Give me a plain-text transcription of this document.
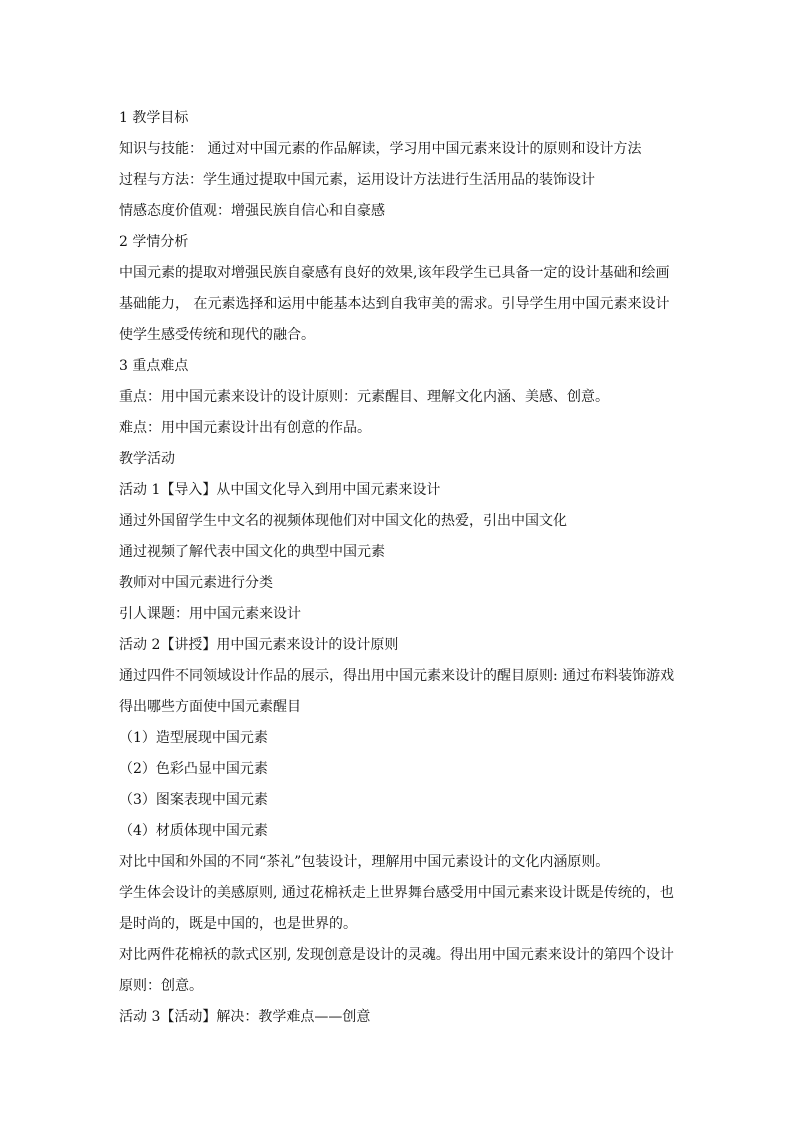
1 教学目标
知识与技能： 通过对中国元素的作品解读，学习用中国元素来设计的原则和设计方法
过程与方法：学生通过提取中国元素，运用设计方法进行生活用品的装饰设计
情感态度价值观：增强民族自信心和自豪感
2 学情分析
中国元素的提取对增强民族自豪感有良好的效果,该年段学生已具备一定的设计基础和绘画
基础能力， 在元素选择和运用中能基本达到自我审美的需求。引导学生用中国元素来设计
使学生感受传统和现代的融合。
3 重点难点
重点：用中国元素来设计的设计原则：元素醒目、理解文化内涵、美感、创意。
难点：用中国元素设计出有创意的作品。
教学活动
活动 1【导入】从中国文化导入到用中国元素来设计
通过外国留学生中文名的视频体现他们对中国文化的热爱，引出中国文化
通过视频了解代表中国文化的典型中国元素
教师对中国元素进行分类
引人课题：用中国元素来设计
活动 2【讲授】用中国元素来设计的设计原则
通过四件不同领域设计作品的展示，得出用中国元素来设计的醒目原则: 通过布料装饰游戏
得出哪些方面使中国元素醒目
（1）造型展现中国元素
（2）色彩凸显中国元素
（3）图案表现中国元素
（4）材质体现中国元素
对比中国和外国的不同“茶礼”包装设计，理解用中国元素设计的文化内涵原则。
学生体会设计的美感原则, 通过花棉袄走上世界舞台感受用中国元素来设计既是传统的，也
是时尚的，既是中国的，也是世界的。
对比两件花棉袄的款式区别, 发现创意是设计的灵魂。得出用中国元素来设计的第四个设计
原则：创意。
活动 3【活动】解决：教学难点——创意
